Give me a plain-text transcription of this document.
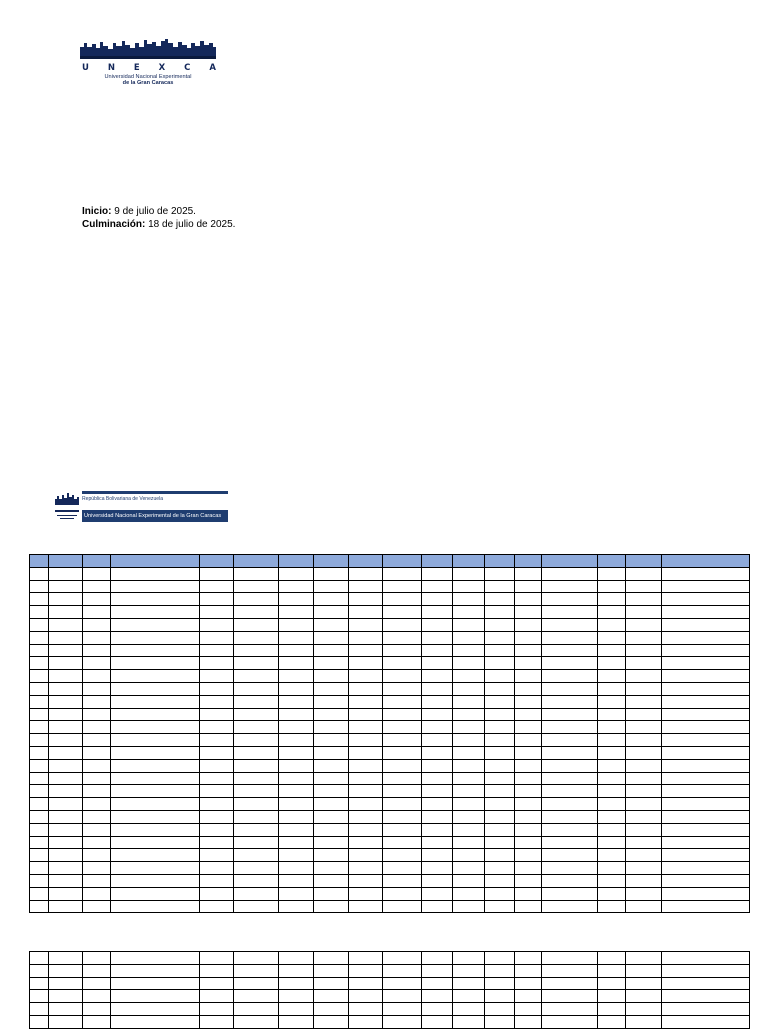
U N E X C A
Universidad Nacional Experimental
de la Gran Caracas
Inicio: 9 de julio de 2025.
Culminación: 18 de julio de 2025.
República Bolivariana de Venezuela
Universidad Nacional Experimental de la Gran Caracas
